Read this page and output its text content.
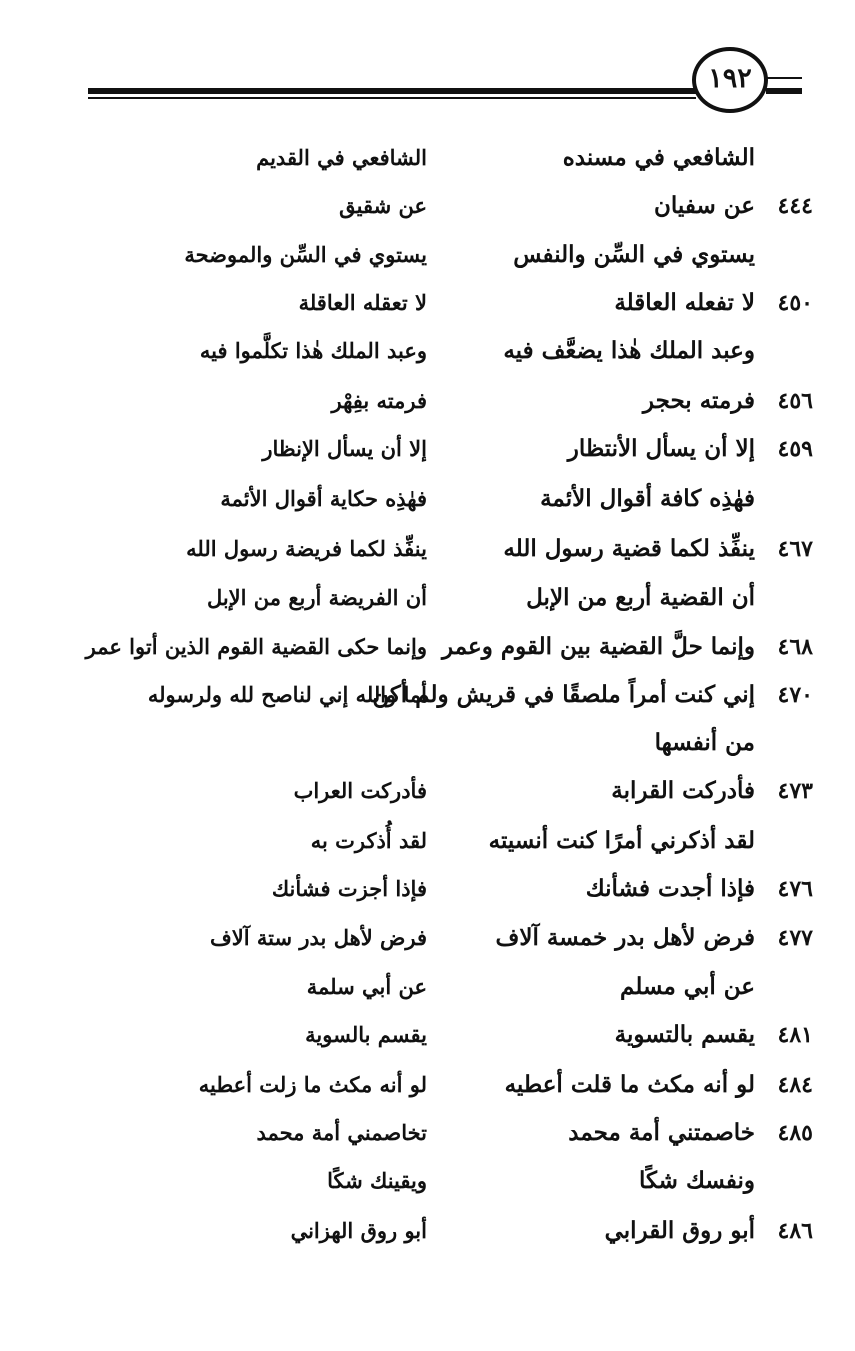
١٩٢
الشافعي في مسنده
الشافعي في القديم
٤٤٤
عن سفيان
عن شقيق
يستوي في السِّن والنفس
يستوي في السِّن والموضحة
٤٥٠
لا تفعله العاقلة
لا تعقله العاقلة
وعبد الملك هٰذا يضعَّف فيه
وعبد الملك هٰذا تكلَّموا فيه
٤٥٦
فرمته بحجر
فرمته بفِهْر
٤٥٩
إلا أن يسأل الأنتظار
إلا أن يسأل الإنظار
فهٰذِه كافة أقوال الأئمة
فهٰذِه حكاية أقوال الأئمة
٤٦٧
ينفِّذ لكما قضية رسول الله
ينفِّذ لكما فريضة رسول الله
أن القضية أربع من الإبل
أن الفريضة أربع من الإبل
٤٦٨
وإنما حلَّ القضية بين القوم وعمر
وإنما حكى القضية القوم الذين أتوا عمر
٤٧٠
إني كنت أمراً ملصقًا في قريش ولم أكن
أما والله إني لناصح لله ولرسوله
من أنفسها
٤٧٣
فأدركت القرابة
فأدركت العراب
لقد أذكرني أمرًا كنت أنسيته
لقد أُذكرت به
٤٧٦
فإذا أجدت فشأنك
فإذا أجزت فشأنك
٤٧٧
فرض لأهل بدر خمسة آلاف
فرض لأهل بدر ستة آلاف
عن أبي مسلم
عن أبي سلمة
٤٨١
يقسم بالتسوية
يقسم بالسوية
٤٨٤
لو أنه مكث ما قلت أعطيه
لو أنه مكث ما زلت أعطيه
٤٨٥
خاصمتني أمة محمد
تخاصمني أمة محمد
ونفسك شكًا
ويقينك شكًا
٤٨٦
أبو روق القرابي
أبو روق الهزاني
